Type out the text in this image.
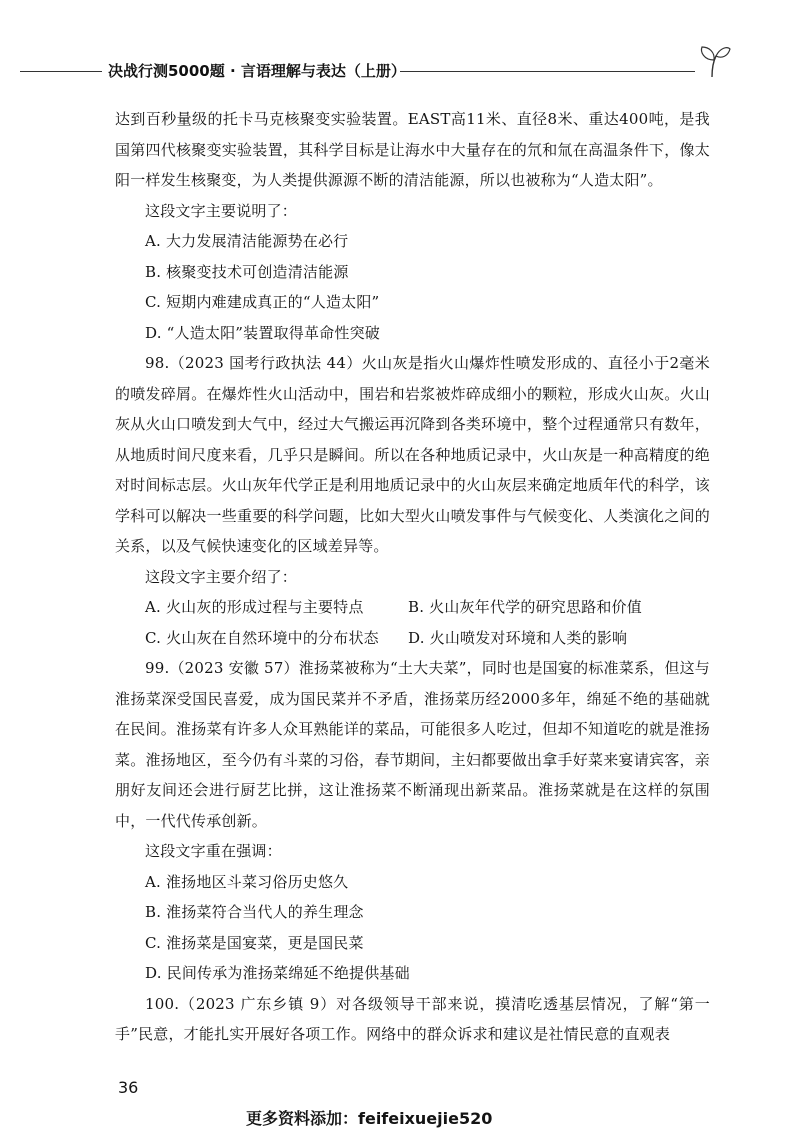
决战行测5000题 · 言语理解与表达（上册）

达到百秒量级的托卡马克核聚变实验装置。EAST高11米、直径8米、重达400吨，是我国第四代核聚变实验装置，其科学目标是让海水中大量存在的氘和氚在高温条件下，像太阳一样发生核聚变，为人类提供源源不断的清洁能源，所以也被称为“人造太阳”。

这段文字主要说明了：

A. 大力发展清洁能源势在必行

B. 核聚变技术可创造清洁能源

C. 短期内难建成真正的“人造太阳”

D. “人造太阳”装置取得革命性突破

98.（2023 国考行政执法 44）火山灰是指火山爆炸性喷发形成的、直径小于2毫米的喷发碎屑。在爆炸性火山活动中，围岩和岩浆被炸碎成细小的颗粒，形成火山灰。火山灰从火山口喷发到大气中，经过大气搬运再沉降到各类环境中，整个过程通常只有数年，从地质时间尺度来看，几乎只是瞬间。所以在各种地质记录中，火山灰是一种高精度的绝对时间标志层。火山灰年代学正是利用地质记录中的火山灰层来确定地质年代的科学，该学科可以解决一些重要的科学问题，比如大型火山喷发事件与气候变化、人类演化之间的关系，以及气候快速变化的区域差异等。

这段文字主要介绍了：

A. 火山灰的形成过程与主要特点	B. 火山灰年代学的研究思路和价值
C. 火山灰在自然环境中的分布状态	D. 火山喷发对环境和人类的影响

99.（2023 安徽 57）淮扬菜被称为“土大夫菜”，同时也是国宴的标准菜系，但这与淮扬菜深受国民喜爱，成为国民菜并不矛盾，淮扬菜历经2000多年，绵延不绝的基础就在民间。淮扬菜有许多人众耳熟能详的菜品，可能很多人吃过，但却不知道吃的就是淮扬菜。淮扬地区，至今仍有斗菜的习俗，春节期间，主妇都要做出拿手好菜来宴请宾客，亲朋好友间还会进行厨艺比拼，这让淮扬菜不断涌现出新菜品。淮扬菜就是在这样的氛围中，一代代传承创新。

这段文字重在强调：

A. 淮扬地区斗菜习俗历史悠久

B. 淮扬菜符合当代人的养生理念

C. 淮扬菜是国宴菜，更是国民菜

D. 民间传承为淮扬菜绵延不绝提供基础

100.（2023 广东乡镇 9）对各级领导干部来说，摸清吃透基层情况，了解“第一手”民意，才能扎实开展好各项工作。网络中的群众诉求和建议是社情民意的直观表

36
更多资料添加：feifeixuejie520
